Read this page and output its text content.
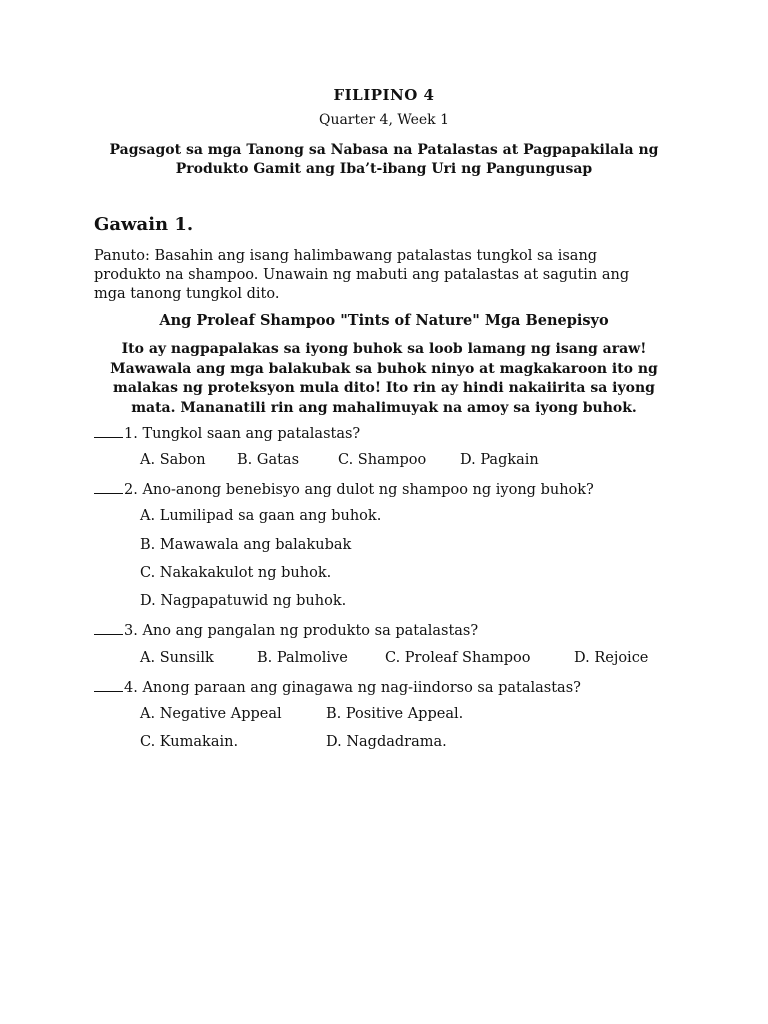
FILIPINO 4
Quarter 4, Week 1
Pagsagot sa mga Tanong sa Nabasa na Patalastas at Pagpapakilala ng
Produkto Gamit ang Iba’t-ibang Uri ng Pangungusap
Gawain 1.
Panuto: Basahin ang isang halimbawang patalastas tungkol sa isang
produkto na shampoo. Unawain ng mabuti ang patalastas at sagutin ang
mga tanong tungkol dito.
Ang Proleaf Shampoo "Tints of Nature" Mga Benepisyo
Ito ay nagpapalakas sa iyong buhok sa loob lamang ng isang araw!
Mawawala ang mga balakubak sa buhok ninyo at magkakaroon ito ng
malakas ng proteksyon mula dito! Ito rin ay hindi nakaiirita sa iyong
mata. Mananatili rin ang mahalimuyak na amoy sa iyong buhok.
1. Tungkol saan ang patalastas?
A. Sabon B. Gatas	C. Shampoo D. Pagkain
2. Ano-anong benebisyo ang dulot ng shampoo ng iyong buhok?
A. Lumilipad sa gaan ang buhok.
B. Mawawala ang balakubak
C. Nakakakulot ng buhok.
D. Nagpapatuwid ng buhok.
3. Ano ang pangalan ng produkto sa patalastas?
A. Sunsilk	B. Palmolive	C. Proleaf Shampoo	D. Rejoice
4. Anong paraan ang ginagawa ng nag-iindorso sa patalastas?
A. Negative Appeal	B. Positive Appeal.
C. Kumakain.	D. Nagdadrama.
